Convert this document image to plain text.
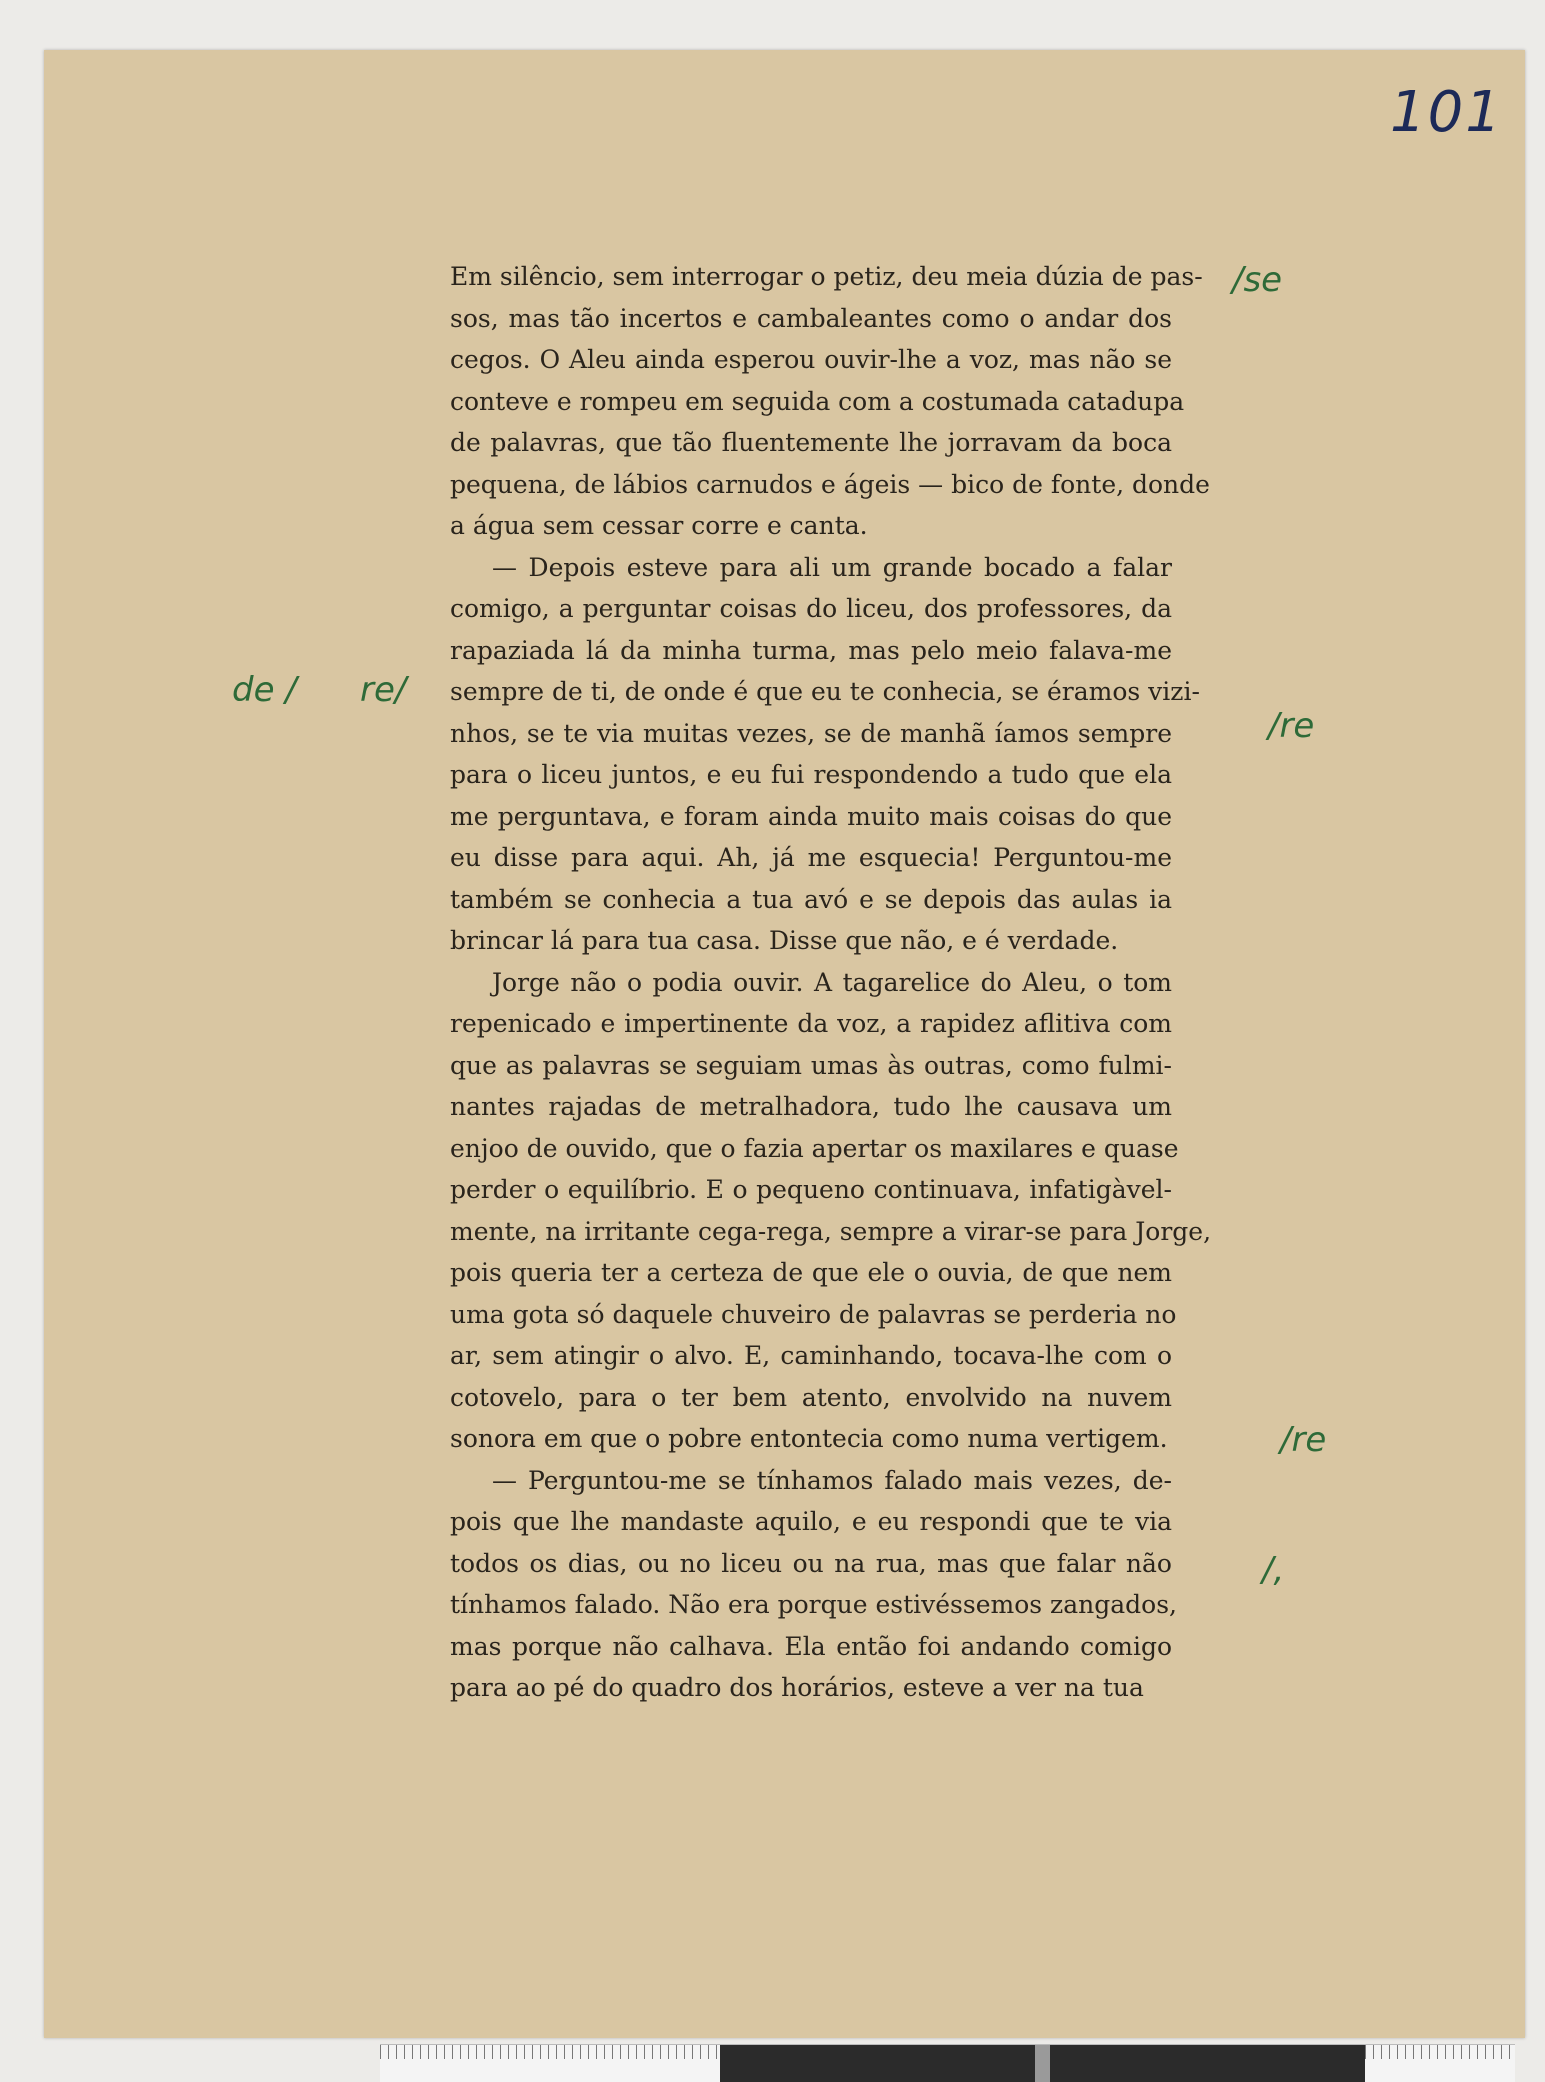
101
Em silêncio, sem interrogar o petiz, deu meia dúzia de pas-
sos, mas tão incertos e cambaleantes como o andar dos
cegos. O Aleu ainda esperou ouvir-lhe a voz, mas não se
conteve e rompeu em seguida com a costumada catadupa
de palavras, que tão fluentemente lhe jorravam da boca
pequena, de lábios carnudos e ágeis — bico de fonte, donde
a água sem cessar corre e canta.
— Depois esteve para ali um grande bocado a falar
comigo, a perguntar coisas do liceu, dos professores, da
rapaziada lá da minha turma, mas pelo meio falava-me
sempre de ti, de onde é que eu te conhecia, se éramos vizi-
nhos, se te via muitas vezes, se de manhã íamos sempre
para o liceu juntos, e eu fui respondendo a tudo que ela
me perguntava, e foram ainda muito mais coisas do que
eu disse para aqui. Ah, já me esquecia! Perguntou-me
também se conhecia a tua avó e se depois das aulas ia
brincar lá para tua casa. Disse que não, e é verdade.
Jorge não o podia ouvir. A tagarelice do Aleu, o tom
repenicado e impertinente da voz, a rapidez aflitiva com
que as palavras se seguiam umas às outras, como fulmi-
nantes rajadas de metralhadora, tudo lhe causava um
enjoo de ouvido, que o fazia apertar os maxilares e quase
perder o equilíbrio. E o pequeno continuava, infatigàvel-
mente, na irritante cega-rega, sempre a virar-se para Jorge,
pois queria ter a certeza de que ele o ouvia, de que nem
uma gota só daquele chuveiro de palavras se perderia no
ar, sem atingir o alvo. E, caminhando, tocava-lhe com o
cotovelo, para o ter bem atento, envolvido na nuvem
sonora em que o pobre entontecia como numa vertigem.
— Perguntou-me se tínhamos falado mais vezes, de-
pois que lhe mandaste aquilo, e eu respondi que te via
todos os dias, ou no liceu ou na rua, mas que falar não
tínhamos falado. Não era porque estivéssemos zangados,
mas porque não calhava. Ela então foi andando comigo
para ao pé do quadro dos horários, esteve a ver na tua
/se
de / re/
/re
/re
/,
